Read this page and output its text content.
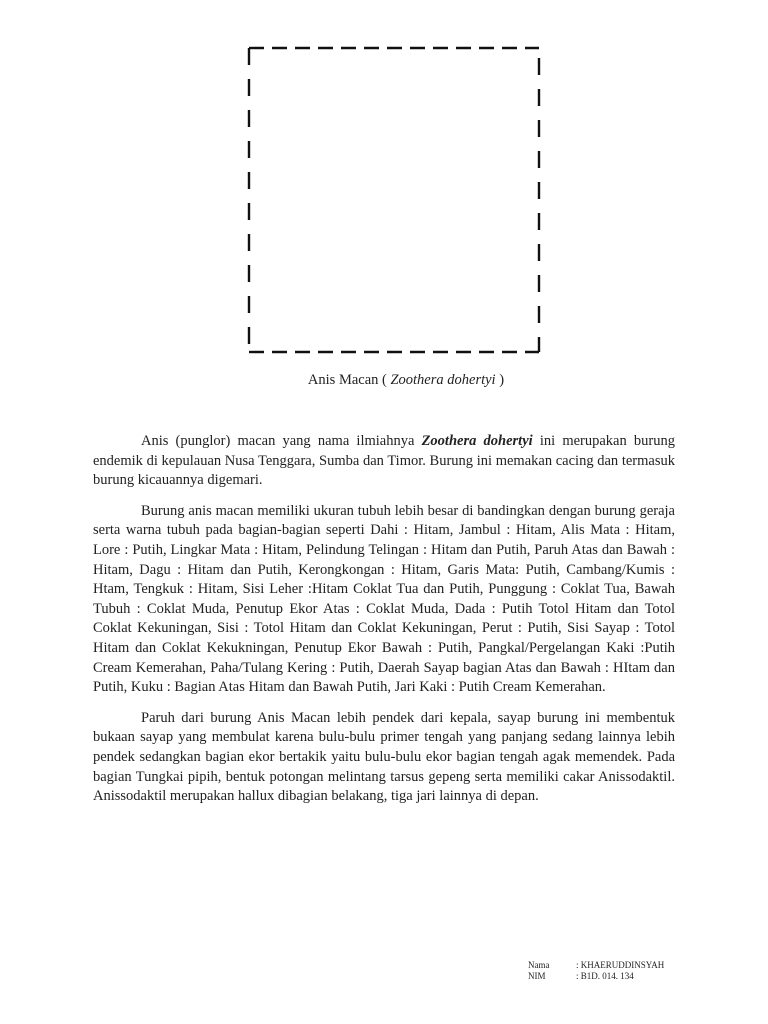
Anis Macan ( Zoothera dohertyi )

Anis (punglor) macan yang nama ilmiahnya Zoothera dohertyi ini merupakan burung endemik di kepulauan Nusa Tenggara, Sumba dan Timor. Burung ini memakan cacing dan termasuk burung kicauannya digemari.

Burung anis macan memiliki ukuran tubuh lebih besar di bandingkan dengan burung geraja serta warna tubuh pada bagian-bagian seperti Dahi : Hitam, Jambul : Hitam, Alis Mata : Hitam, Lore : Putih, Lingkar Mata : Hitam, Pelindung Telingan : Hitam dan Putih, Paruh Atas dan Bawah : Hitam, Dagu : Hitam dan Putih, Kerongkongan : Hitam, Garis Mata: Putih, Cambang/Kumis : Htam, Tengkuk : Hitam, Sisi Leher :Hitam Coklat Tua dan Putih, Punggung : Coklat Tua, Bawah Tubuh : Coklat Muda, Penutup Ekor Atas : Coklat Muda, Dada : Putih Totol Hitam dan Totol Coklat Kekuningan, Sisi : Totol Hitam dan Coklat Kekuningan, Perut : Putih, Sisi Sayap : Totol Hitam dan Coklat Kekukningan, Penutup Ekor Bawah : Putih, Pangkal/Pergelangan Kaki :Putih Cream Kemerahan, Paha/Tulang Kering : Putih, Daerah Sayap bagian Atas dan Bawah : HItam dan Putih, Kuku : Bagian Atas Hitam dan Bawah Putih, Jari Kaki : Putih Cream Kemerahan.

Paruh dari burung Anis Macan lebih pendek dari kepala, sayap burung ini membentuk bukaan sayap yang membulat karena bulu-bulu primer tengah yang panjang sedang lainnya lebih pendek sedangkan bagian ekor bertakik yaitu bulu-bulu ekor bagian tengah agak memendek. Pada bagian Tungkai pipih, bentuk potongan melintang tarsus gepeng serta memiliki cakar Anissodaktil. Anissodaktil merupakan hallux dibagian belakang, tiga jari lainnya di depan.

Nama	: KHAERUDDINSYAH
NIM	: B1D. 014. 134
